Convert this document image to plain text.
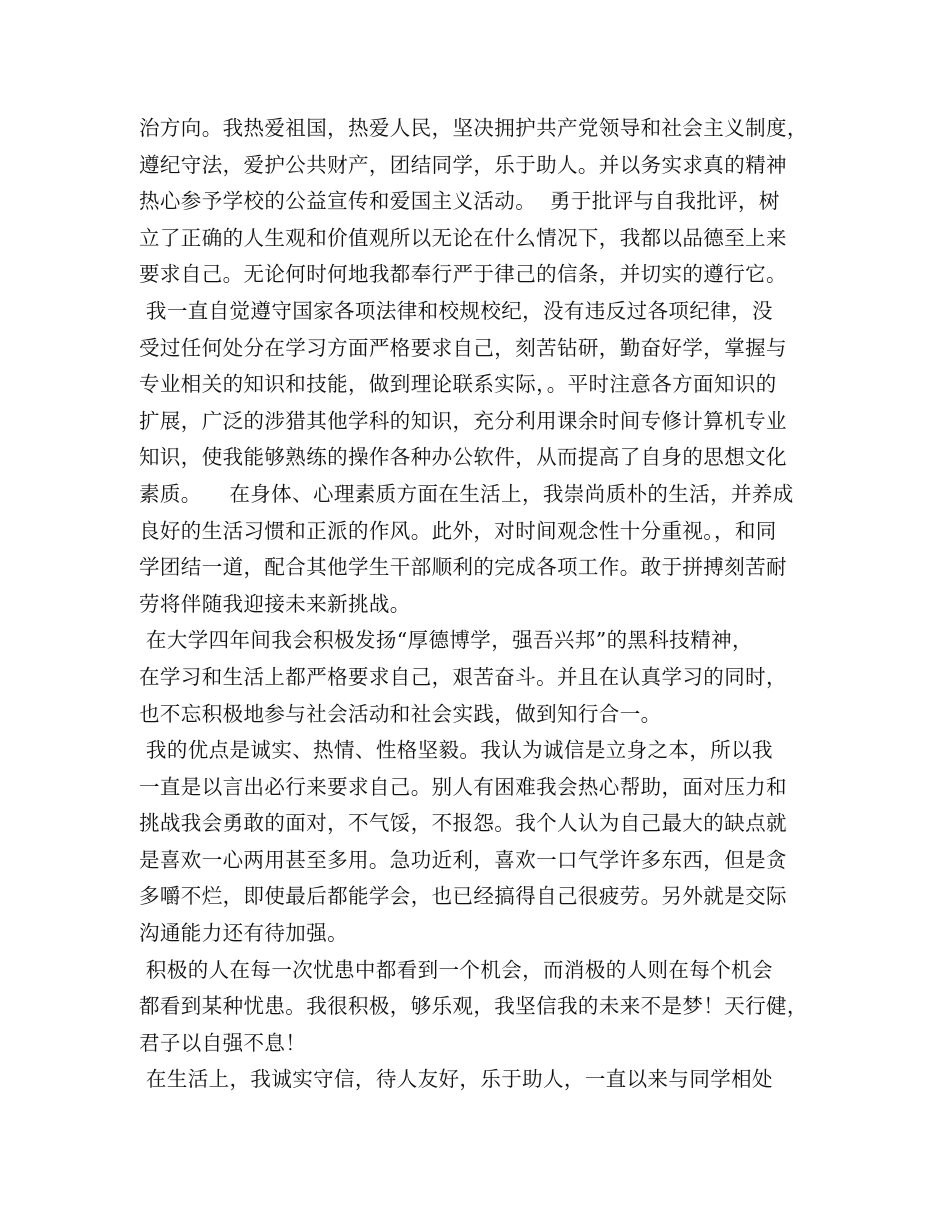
治方向。我热爱祖国，热爱人民，坚决拥护共产党领导和社会主义制度，
遵纪守法，爱护公共财产，团结同学，乐于助人。并以务实求真的精神
热心参予学校的公益宣传和爱国主义活动。  勇于批评与自我批评，树
立了正确的人生观和价值观所以无论在什么情况下，我都以品德至上来
要求自己。无论何时何地我都奉行严于律己的信条，并切实的遵行它。
我一直自觉遵守国家各项法律和校规校纪，没有违反过各项纪律，没
受过任何处分在学习方面严格要求自己，刻苦钻研，勤奋好学，掌握与
专业相关的知识和技能，做到理论联系实际，。平时注意各方面知识的
扩展，广泛的涉猎其他学科的知识，充分利用课余时间专修计算机专业
知识，使我能够熟练的操作各种办公软件，从而提高了自身的思想文化
素质。    在身体、心理素质方面在生活上，我崇尚质朴的生活，并养成
良好的生活习惯和正派的作风。此外，对时间观念性十分重视。，和同
学团结一道，配合其他学生干部顺利的完成各项工作。敢于拼搏刻苦耐
劳将伴随我迎接未来新挑战。
在大学四年间我会积极发扬“厚德博学，强吾兴邦”的黑科技精神，
在学习和生活上都严格要求自己，艰苦奋斗。并且在认真学习的同时，
也不忘积极地参与社会活动和社会实践，做到知行合一。
我的优点是诚实、热情、性格坚毅。我认为诚信是立身之本，所以我
一直是以言出必行来要求自己。别人有困难我会热心帮助，面对压力和
挑战我会勇敢的面对，不气馁，不报怨。我个人认为自己最大的缺点就
是喜欢一心两用甚至多用。急功近利，喜欢一口气学许多东西，但是贪
多嚼不烂，即使最后都能学会，也已经搞得自己很疲劳。另外就是交际
沟通能力还有待加强。
积极的人在每一次忧患中都看到一个机会，而消极的人则在每个机会
都看到某种忧患。我很积极，够乐观，我坚信我的未来不是梦！天行健，
君子以自强不息！
在生活上，我诚实守信，待人友好，乐于助人，一直以来与同学相处
